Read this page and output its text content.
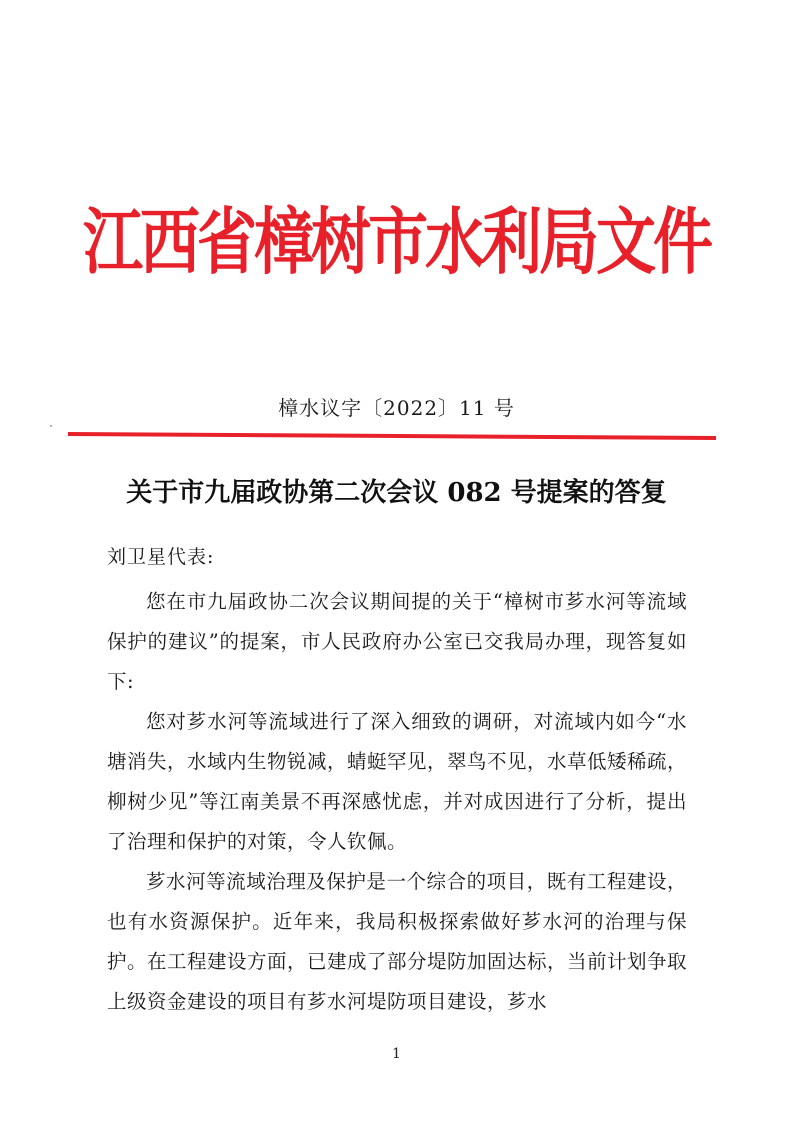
江西省樟树市水利局文件
樟水议字〔2022〕11 号
关于市九届政协第二次会议 082 号提案的答复
刘卫星代表:

您在市九届政协二次会议期间提的关于“樟树市芗水河等流域保护的建议”的提案，市人民政府办公室已交我局办理，现答复如下:

您对芗水河等流域进行了深入细致的调研，对流域内如今“水塘消失，水域内生物锐减，蜻蜓罕见，翠鸟不见，水草低矮稀疏，柳树少见”等江南美景不再深感忧虑，并对成因进行了分析，提出了治理和保护的对策，令人钦佩。

芗水河等流域治理及保护是一个综合的项目，既有工程建设，也有水资源保护。近年来，我局积极探索做好芗水河的治理与保护。在工程建设方面，已建成了部分堤防加固达标，当前计划争取上级资金建设的项目有芗水河堤防项目建设，芗水

1
